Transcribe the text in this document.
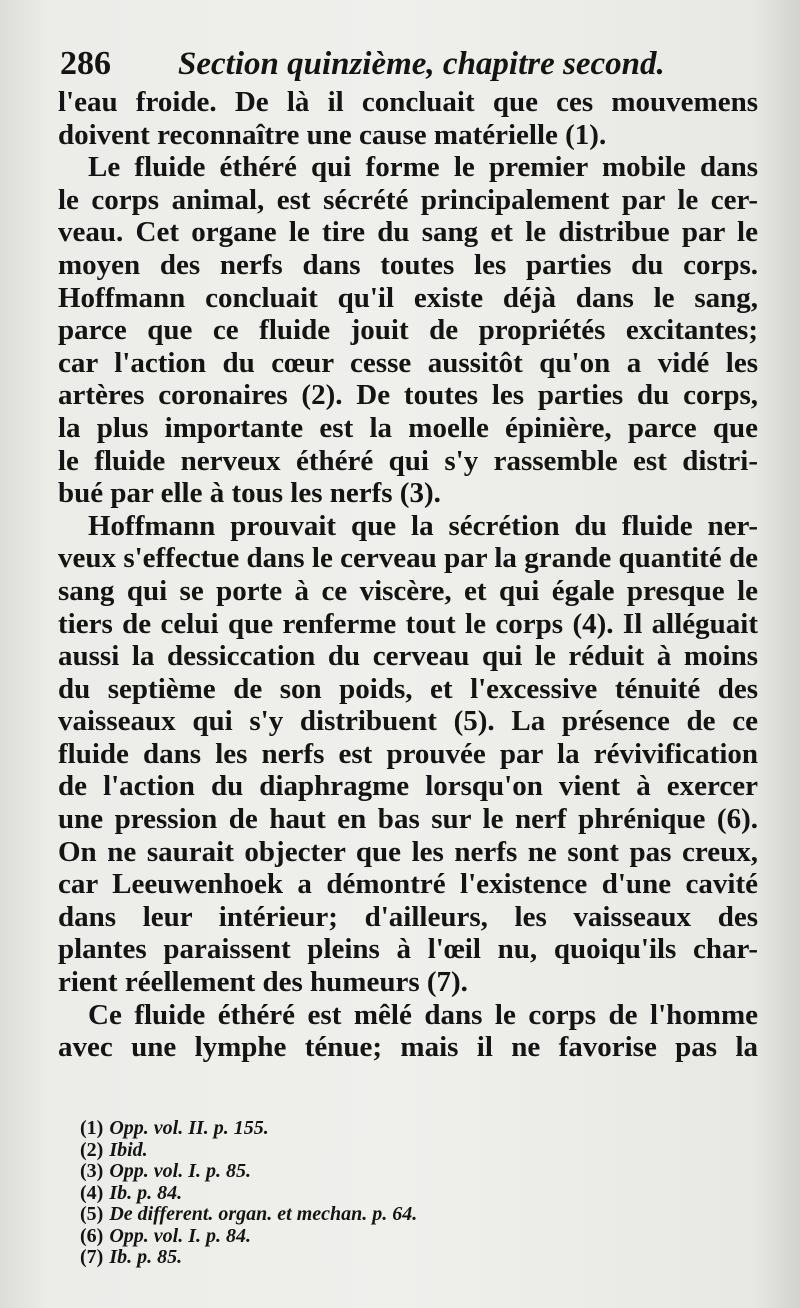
286 Section quinzième, chapitre second.
l'eau froide. De là il concluait que ces mouvemens
doivent reconnaître une cause matérielle (1).
Le fluide éthéré qui forme le premier mobile dans
le corps animal, est sécrété principalement par le cer-
veau. Cet organe le tire du sang et le distribue par le
moyen des nerfs dans toutes les parties du corps.
Hoffmann concluait qu'il existe déjà dans le sang,
parce que ce fluide jouit de propriétés excitantes;
car l'action du cœur cesse aussitôt qu'on a vidé les
artères coronaires (2). De toutes les parties du corps,
la plus importante est la moelle épinière, parce que
le fluide nerveux éthéré qui s'y rassemble est distri-
bué par elle à tous les nerfs (3).
Hoffmann prouvait que la sécrétion du fluide ner-
veux s'effectue dans le cerveau par la grande quantité de
sang qui se porte à ce viscère, et qui égale presque le
tiers de celui que renferme tout le corps (4). Il alléguait
aussi la dessiccation du cerveau qui le réduit à moins
du septième de son poids, et l'excessive ténuité des
vaisseaux qui s'y distribuent (5). La présence de ce
fluide dans les nerfs est prouvée par la révivification
de l'action du diaphragme lorsqu'on vient à exercer
une pression de haut en bas sur le nerf phrénique (6).
On ne saurait objecter que les nerfs ne sont pas creux,
car Leeuwenhoek a démontré l'existence d'une cavité
dans leur intérieur; d'ailleurs, les vaisseaux des
plantes paraissent pleins à l'œil nu, quoiqu'ils char-
rient réellement des humeurs (7).
Ce fluide éthéré est mêlé dans le corps de l'homme
avec une lymphe ténue; mais il ne favorise pas la
(1) Opp. vol. II. p. 155.
(2) Ibid.
(3) Opp. vol. I. p. 85.
(4) Ib. p. 84.
(5) De different. organ. et mechan. p. 64.
(6) Opp. vol. I. p. 84.
(7) Ib. p. 85.
